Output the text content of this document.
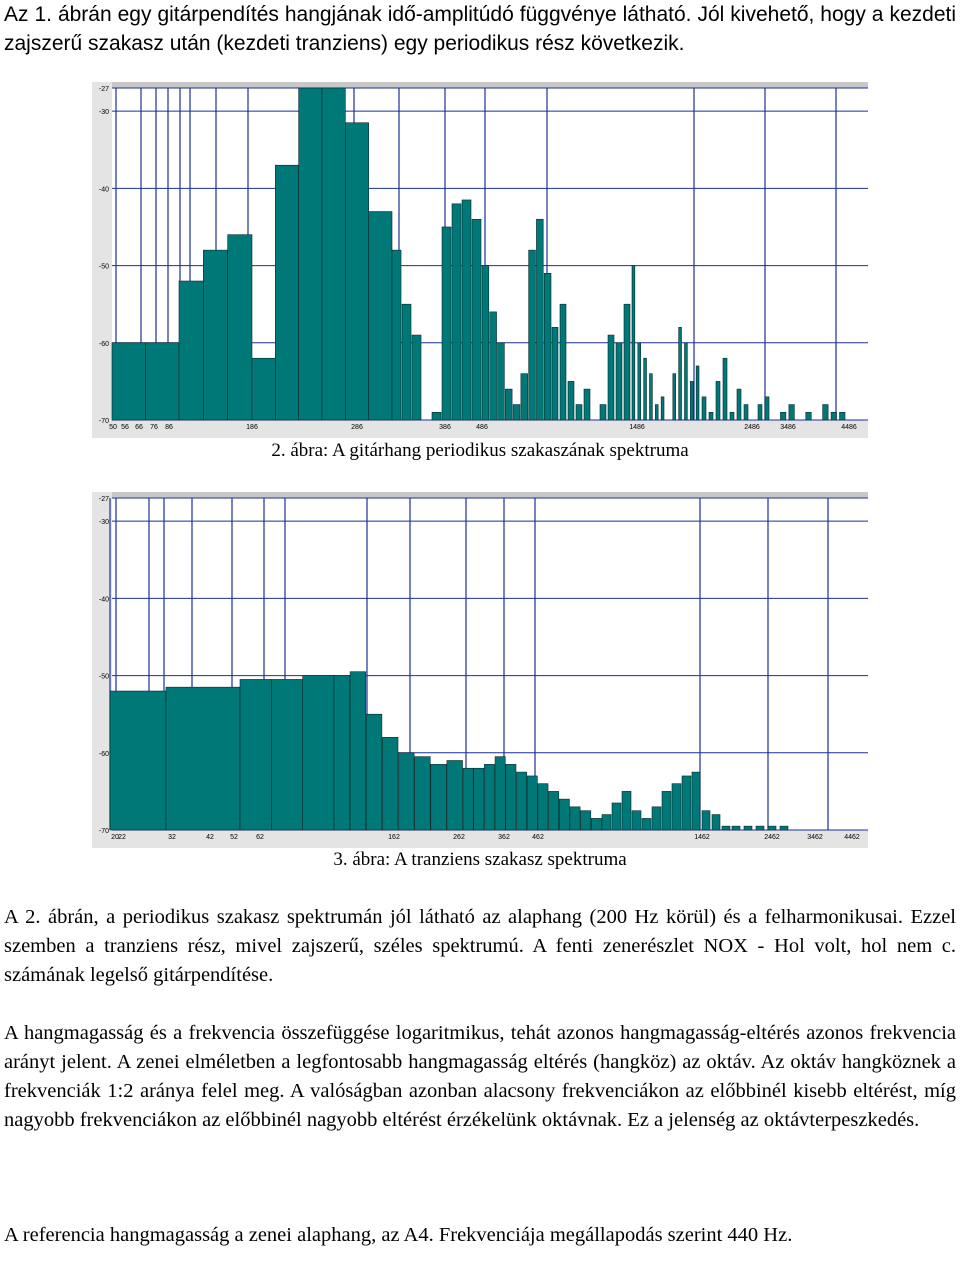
Az 1. ábrán egy gitárpendítés hangjának idő-amplitúdó függvénye látható. Jól kivehető, hogy a kezdeti zajszerű szakasz után (kezdeti tranziens) egy periodikus rész következik.

-27
-30
-40
-50
-60
-70
50 56 66 76 86	186	286	386	486	1486	2486	3486	4486
2. ábra: A gitárhang periodikus szakaszának spektruma
-27
-30
-40
-50
-60
-70
20 22	32	42 52	62	162	262	362	462	1462	2462	3462	4462
3. ábra: A tranziens szakasz spektruma

A 2. ábrán, a periodikus szakasz spektrumán jól látható az alaphang (200 Hz körül) és a felharmonikusai. Ezzel szemben a tranziens rész, mivel zajszerű, széles spektrumú. A fenti zenerészlet NOX - Hol volt, hol nem c. számának legelső gitárpendítése.

A hangmagasság és a frekvencia összefüggése logaritmikus, tehát azonos hangmagasság-eltérés azonos frekvencia arányt jelent. A zenei elméletben a legfontosabb hangmagasság eltérés (hangköz) az oktáv. Az oktáv hangköznek a frekvenciák 1:2 aránya felel meg. A valóságban azonban alacsony frekvenciákon az előbbinél kisebb eltérést, míg nagyobb frekvenciákon az előbbinél nagyobb eltérést érzékelünk oktávnak. Ez a jelenség az oktávterpeszkedés.

A referencia hangmagasság a zenei alaphang, az A4. Frekvenciája megállapodás szerint 440 Hz.
